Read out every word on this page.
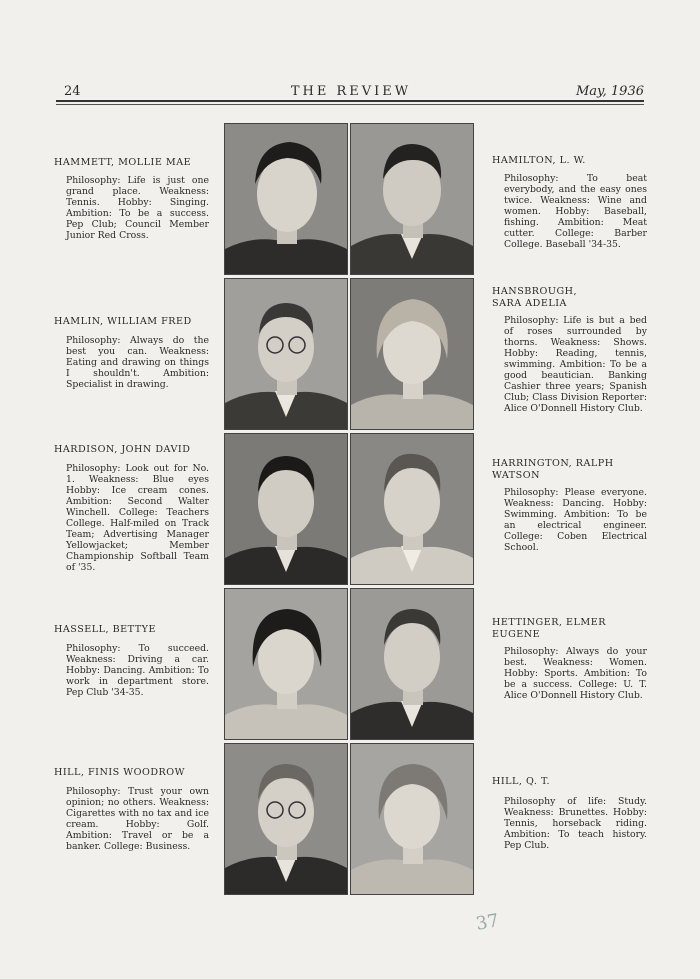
24	THE REVIEW	May, 1936
HAMMETT, MOLLIE MAE
Philosophy: Life is just one grand place. Weakness: Tennis. Hobby: Singing. Ambition: To be a success. Pep Club; Council Member Junior Red Cross.
HAMLIN, WILLIAM FRED
Philosophy: Always do the best you can. Weakness: Eating and drawing on things I shouldn't. Ambition: Specialist in drawing.
HARDISON, JOHN DAVID
Philosophy: Look out for No. 1. Weakness: Blue eyes Hobby: Ice cream cones. Ambition: Second Walter Winchell. College: Teachers College. Half-miled on Track Team; Advertising Manager Yellowjacket; Member Championship Softball Team of '35.
HASSELL, BETTYE
Philosophy: To succeed. Weakness: Driving a car. Hobby: Dancing. Ambition: To work in department store. Pep Club '34-35.
HILL, FINIS WOODROW
Philosophy: Trust your own opinion; no others. Weakness: Cigarettes with no tax and ice cream. Hobby: Golf. Ambition: Travel or be a banker. College: Business.
HAMILTON, L. W.
Philosophy: To beat everybody, and the easy ones twice. Weakness: Wine and women. Hobby: Baseball, fishing. Ambition: Meat cutter. College: Barber College. Baseball '34-35.
HANSBROUGH, SARA ADELIA
Philosophy: Life is but a bed of roses surrounded by thorns. Weakness: Shows. Hobby: Reading, tennis, swimming. Ambition: To be a good beautician. Banking Cashier three years; Spanish Club; Class Division Reporter: Alice O'Donnell History Club.
HARRINGTON, RALPH WATSON
Philosophy: Please everyone. Weakness: Dancing. Hobby: Swimming. Ambition: To be an electrical engineer. College: Coben Electrical School.
HETTINGER, ELMER EUGENE
Philosophy: Always do your best. Weakness: Women. Hobby: Sports. Ambition: To be a success. College: U. T. Alice O'Donnell History Club.
HILL, Q. T.
Philosophy of life: Study. Weakness: Brunettes. Hobby: Tennis, horseback riding. Ambition: To teach history. Pep Club.
37
